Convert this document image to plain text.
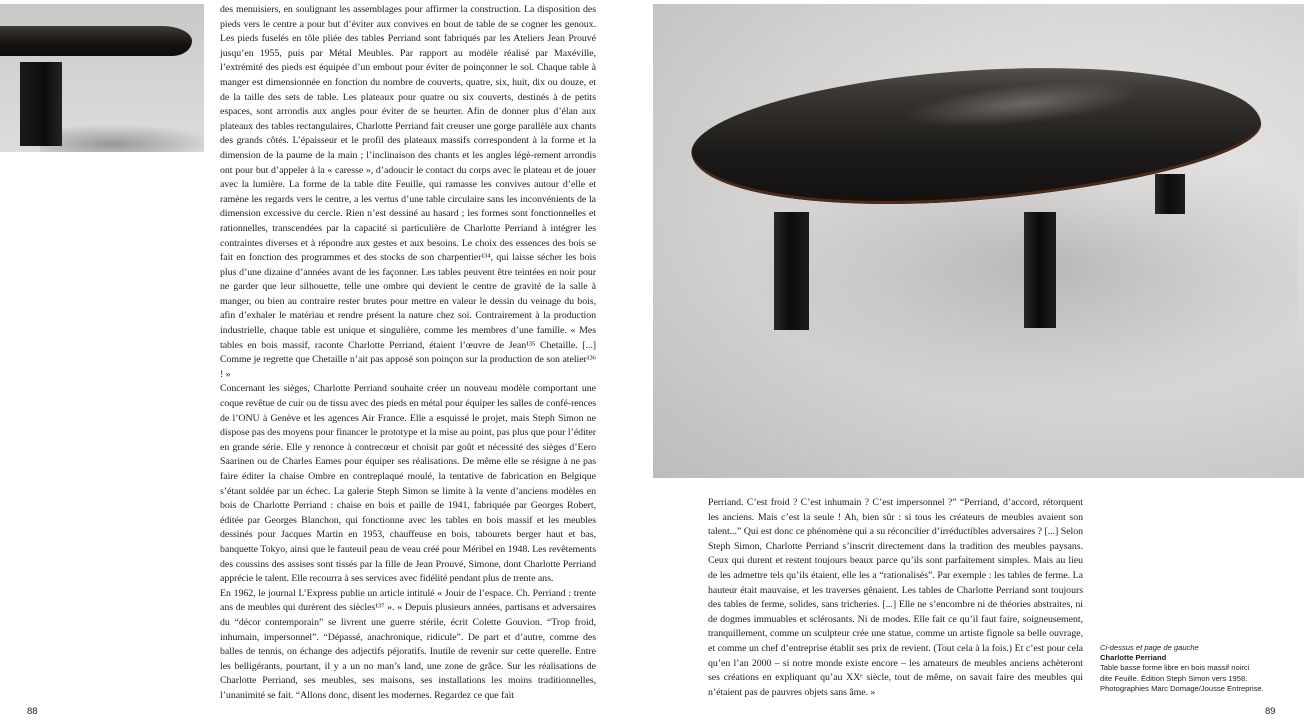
des menuisiers, en soulignant les assemblages pour affirmer la construction. La disposition des pieds vers le centre a pour but d’éviter aux convives en bout de table de se cogner les genoux. Les pieds fuselés en tôle pliée des tables Perriand sont fabriqués par les Ateliers Jean Prouvé jusqu’en 1955, puis par Métal Meubles. Par rapport au modèle réalisé par Maxéville, l’extrémité des pieds est équipée d’un embout pour éviter de poinçonner le sol. Chaque table à manger est dimensionnée en fonction du nombre de couverts, quatre, six, huit, dix ou douze, et de la taille des sets de table. Les plateaux pour quatre ou six couverts, destinés à de petits espaces, sont arrondis aux angles pour éviter de se heurter. Afin de donner plus d’élan aux plateaux des tables rectangulaires, Charlotte Perriand fait creuser une gorge parallèle aux chants des grands côtés. L’épaisseur et le profil des plateaux massifs correspondent à la forme et la dimension de la paume de la main ; l’inclinaison des chants et les angles légè-rement arrondis ont pour but d’appeler à la « caresse », d’adoucir le contact du corps avec le plateau et de jouer avec la lumière. La forme de la table dite Feuille, qui ramasse les convives autour d’elle et ramène les regards vers le centre, a les vertus d’une table circulaire sans les inconvénients de la dimension excessive du cercle. Rien n’est dessiné au hasard ; les formes sont fonctionnelles et rationnelles, transcendées par la capacité si particulière de Charlotte Perriand à intégrer les contraintes diverses et à répondre aux gestes et aux besoins. Le choix des essences des bois se fait en fonction des programmes et des stocks de son charpentier¹³⁴, qui laisse sécher les bois plus d’une dizaine d’années avant de les façonner. Les tables peuvent être teintées en noir pour ne garder que leur silhouette, telle une ombre qui devient le centre de gravité de la salle à manger, ou bien au contraire rester brutes pour mettre en valeur le dessin du veinage du bois, afin d’exhaler le matériau et rendre présent la nature chez soi. Contrairement à la production industrielle, chaque table est unique et singulière, comme les membres d’une famille. « Mes tables en bois massif, raconte Charlotte Perriand, étaient l’œuvre de Jean¹³⁵ Chetaille. [...] Comme je regrette que Chetaille n’ait pas apposé son poinçon sur la production de son atelier¹³⁶ ! »

Concernant les sièges, Charlotte Perriand souhaite créer un nouveau modèle comportant une coque revêtue de cuir ou de tissu avec des pieds en métal pour équiper les salles de confé-rences de l’ONU à Genève et les agences Air France. Elle a esquissé le projet, mais Steph Simon ne dispose pas des moyens pour financer le prototype et la mise au point, pas plus que pour l’éditer en grande série. Elle y renonce à contrecœur et choisit par goût et nécessité des sièges d’Eero Saarinen ou de Charles Eames pour équiper ses réalisations. De même elle se résigne à ne pas faire éditer la chaise Ombre en contreplaqué moulé, la tentative de fabrication en Belgique s’étant soldée par un échec. La galerie Steph Simon se limite à la vente d’anciens modèles en bois de Charlotte Perriand : chaise en bois et paille de 1941, fabriquée par Georges Robert, éditée par Georges Blanchon, qui fonctionne avec les tables en bois massif et les meubles dessinés pour Jacques Martin en 1953, chauffeuse en bois, tabourets berger haut et bas, banquette Tokyo, ainsi que le fauteuil peau de veau créé pour Méribel en 1948. Les revêtements des coussins des assises sont tissés par la fille de Jean Prouvé, Simone, dont Charlotte Perriand apprécie le talent. Elle recourra à ses services avec fidélité pendant plus de trente ans.

En 1962, le journal L’Express publie un article intitulé « Jouir de l’espace. Ch. Perriand : trente ans de meubles qui durèrent des siècles¹³⁷ ». « Depuis plusieurs années, partisans et adversaires du “décor contemporain” se livrent une guerre stérile, écrit Colette Gouvion. “Trop froid, inhumain, impersonnel”. “Dépassé, anachronique, ridicule”. De part et d’autre, comme des balles de tennis, on échange des adjectifs péjoratifs. Inutile de revenir sur cette querelle. Entre les belligérants, pourtant, il y a un no man’s land, une zone de grâce. Sur les réalisations de Charlotte Perriand, ses meubles, ses maisons, ses installations les moins traditionnelles, l’unanimité se fait. “Allons donc, disent les modernes. Regardez ce que fait

88

Perriand. C’est froid ? C’est inhumain ? C’est impersonnel ?” “Perriand, d’accord, rétorquent les anciens. Mais c’est la seule ! Ah, bien sûr : si tous les créateurs de meubles avaient son talent...” Qui est donc ce phénomène qui a su réconcilier d’irréductibles adversaires ? [...] Selon Steph Simon, Charlotte Perriand s’inscrit directement dans la tradition des meubles paysans. Ceux qui durent et restent toujours beaux parce qu’ils sont parfaitement simples. Mais au lieu de les admettre tels qu’ils étaient, elle les a “rationalisés”. Par exemple : les tables de ferme. La hauteur était mauvaise, et les traverses gênaient. Les tables de Charlotte Perriand sont toujours des tables de ferme, solides, sans tricheries. [...] Elle ne s’encombre ni de théories abstraites, ni de dogmes immuables et sclérosants. Ni de modes. Elle fait ce qu’il faut faire, soigneusement, tranquillement, comme un sculpteur crée une statue, comme un artiste fignole sa belle ouvrage, et comme un chef d’entreprise établit ses prix de revient. (Tout cela à la fois.) Et c’est pour cela qu’en l’an 2000 – si notre monde existe encore – les amateurs de meubles anciens achèteront ses créations en expliquant qu’au XXᵉ siècle, tout de même, on savait faire des meubles qui n’étaient pas de pauvres objets sans âme. »

Ci-dessus et page de gauche
Charlotte Perriand
Table basse forme libre en bois massif noirci
dite Feuille. Édition Steph Simon vers 1958.
Photographies Marc Domage/Jousse Entreprise.
89
